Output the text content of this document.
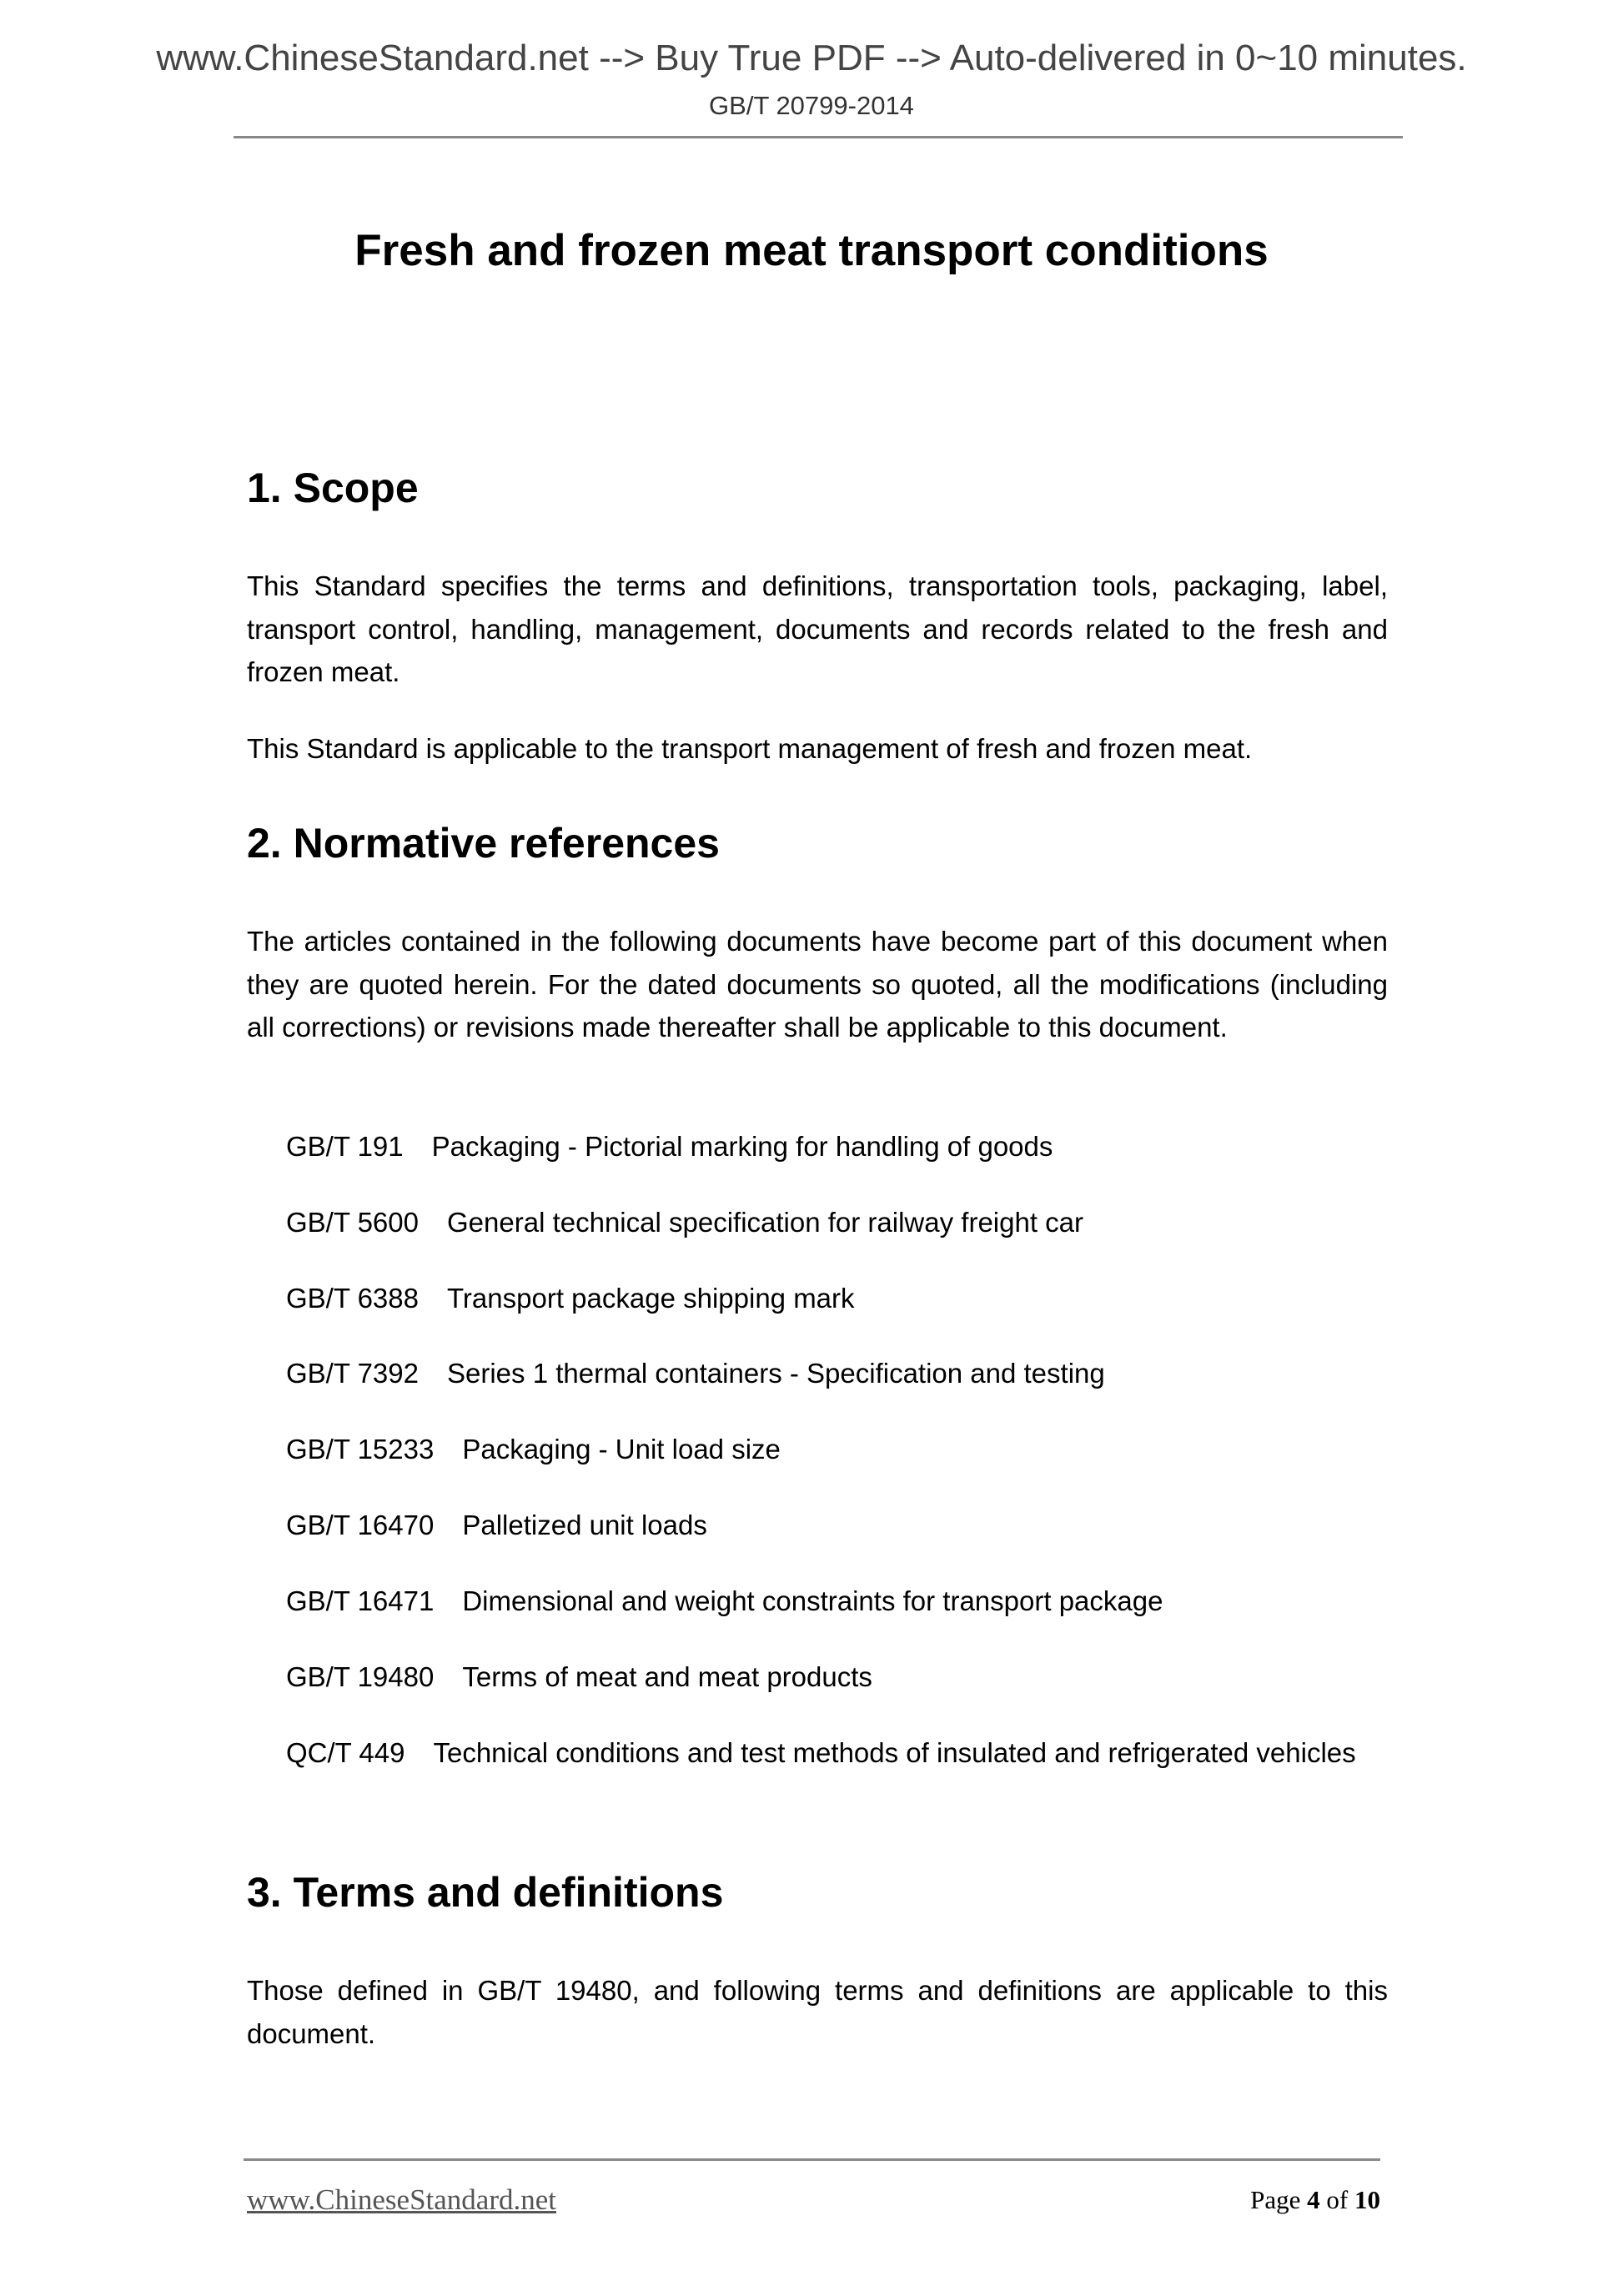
www.ChineseStandard.net --> Buy True PDF --> Auto-delivered in 0~10 minutes.
GB/T 20799-2014
Fresh and frozen meat transport conditions
1. Scope
This Standard specifies the terms and definitions, transportation tools, packaging, label, transport control, handling, management, documents and records related to the fresh and frozen meat.
This Standard is applicable to the transport management of fresh and frozen meat.
2. Normative references
The articles contained in the following documents have become part of this document when they are quoted herein. For the dated documents so quoted, all the modifications (including all corrections) or revisions made thereafter shall be applicable to this document.
GB/T 191 Packaging - Pictorial marking for handling of goods
GB/T 5600 General technical specification for railway freight car
GB/T 6388 Transport package shipping mark
GB/T 7392 Series 1 thermal containers - Specification and testing
GB/T 15233 Packaging - Unit load size
GB/T 16470 Palletized unit loads
GB/T 16471 Dimensional and weight constraints for transport package
GB/T 19480 Terms of meat and meat products
QC/T 449 Technical conditions and test methods of insulated and refrigerated vehicles
3. Terms and definitions
Those defined in GB/T 19480, and following terms and definitions are applicable to this document.
www.ChineseStandard.net	Page 4 of 10
